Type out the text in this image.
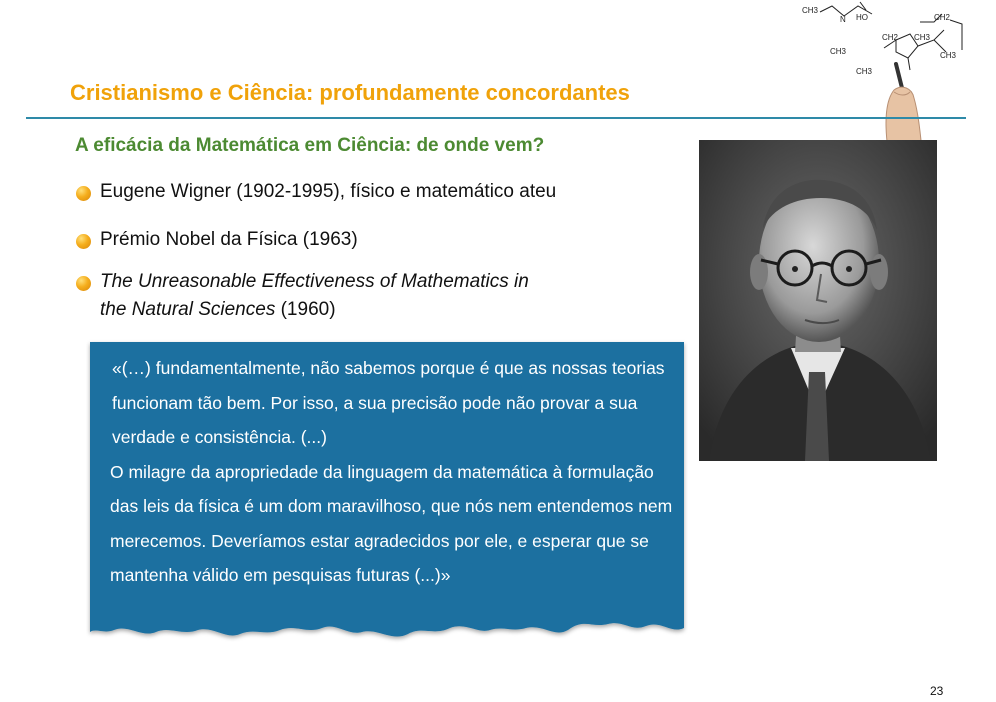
CH3
N HO	CH2
CH2 CH3
CH3	CH3
CH3
Cristianismo e Ciência: profundamente concordantes
A eficácia da Matemática em Ciência: de onde vem?
Eugene Wigner (1902-1995), físico e matemático ateu
Prémio Nobel da Física (1963)
The Unreasonable Effectiveness of Mathematics in
the Natural Sciences (1960)

«(…) fundamentalmente, não sabemos porque é que as nossas teorias funcionam tão bem. Por isso, a sua precisão pode não provar a sua verdade e consistência. (...)

O milagre da apropriedade da linguagem da matemática à formulação das leis da física é um dom maravilhoso, que nós nem entendemos nem merecemos. Deveríamos estar agradecidos por ele, e esperar que se mantenha válido em pesquisas futuras (...)»

23
